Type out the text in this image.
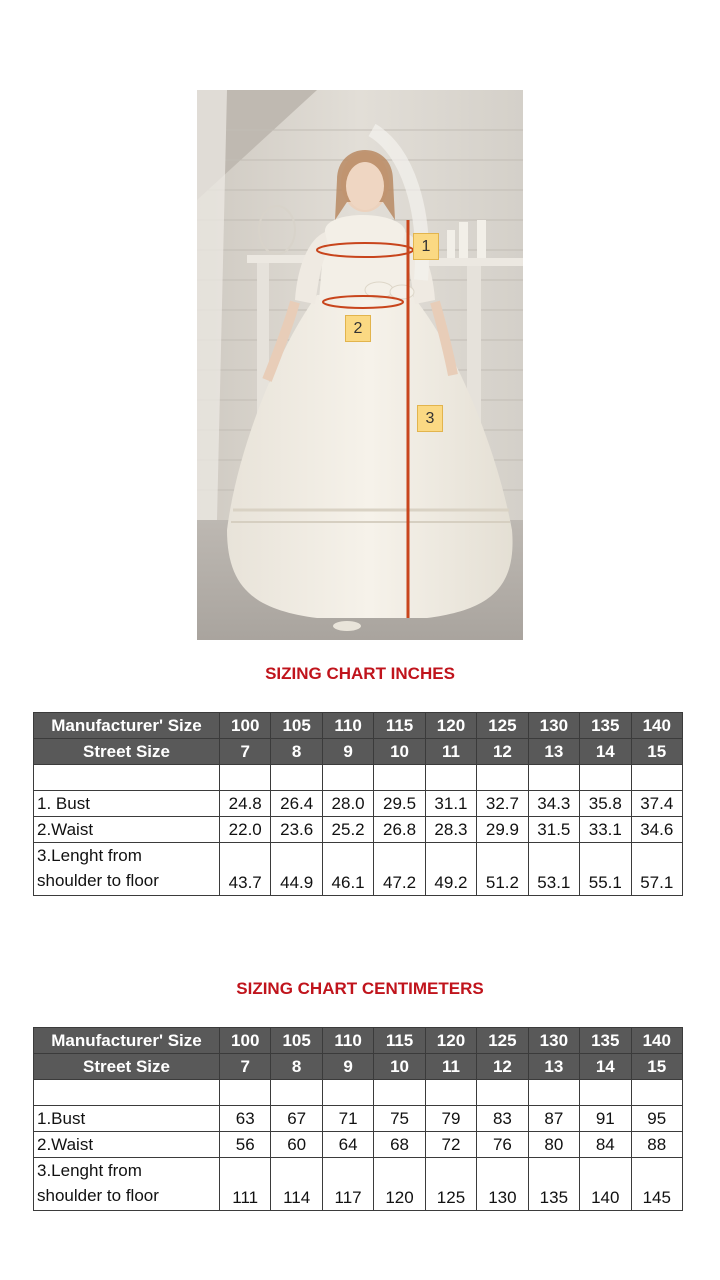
1
2
3
SIZING CHART INCHES
Manufacturer' Size	100	105	110	115	120	125	130	135	140
Street Size	7	8	9	10	11	12	13	14	15

1. Bust	24.8	26.4	28.0	29.5	31.1	32.7	34.3	35.8	37.4
2.Waist	22.0	23.6	25.2	26.8	28.3	29.9	31.5	33.1	34.6
3.Lenght from
shoulder to floor	43.7	44.9	46.1	47.2	49.2	51.2	53.1	55.1	57.1
SIZING CHART CENTIMETERS
Manufacturer' Size	100	105	110	115	120	125	130	135	140
Street Size	7	8	9	10	11	12	13	14	15

1.Bust	63	67	71	75	79	83	87	91	95
2.Waist	56	60	64	68	72	76	80	84	88
3.Lenght from
shoulder to floor	111	114	117	120	125	130	135	140	145
